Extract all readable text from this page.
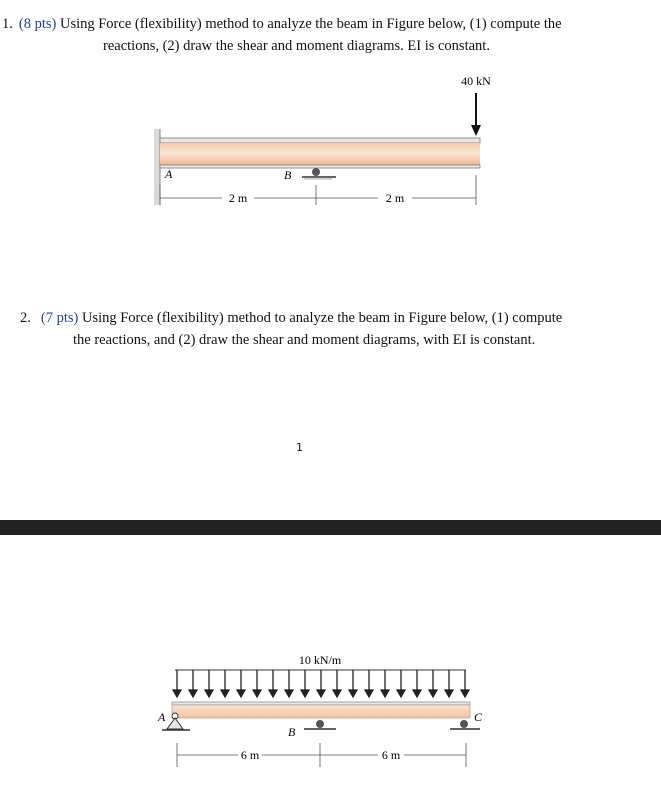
1. (8 pts) Using Force (flexibility) method to analyze the beam in Figure below, (1) compute the
reactions, (2) draw the shear and moment diagrams. EI is constant.
40 kN
B
A
2 m	2 m
2. (7 pts) Using Force (flexibility) method to analyze the beam in Figure below, (1) compute
the reactions, and (2) draw the shear and moment diagrams, with EI is constant.
1
10 kN/m
A
B
C
6 m	6 m
